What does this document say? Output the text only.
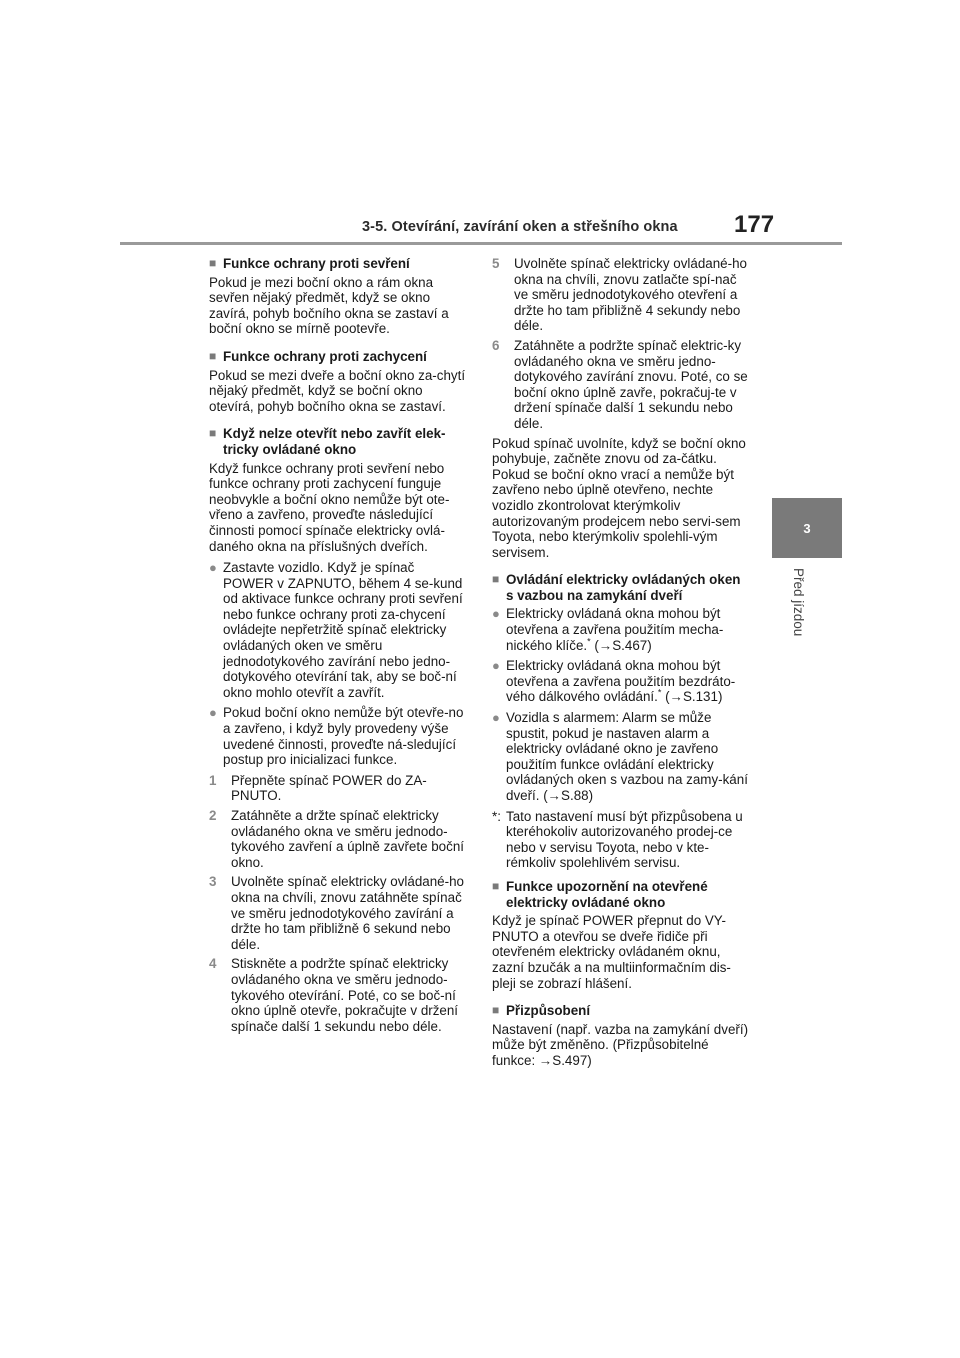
3-5. Otevírání, zavírání oken a střešního okna 177
3
Před jízdou
■ Funkce ochrany proti sevření
Pokud je mezi boční okno a rám okna sevřen nějaký předmět, když se okno zavírá, pohyb bočního okna se zastaví a boční okno se mírně pootevře.
■ Funkce ochrany proti zachycení
Pokud se mezi dveře a boční okno za-chytí nějaký předmět, když se boční okno otevírá, pohyb bočního okna se zastaví.
■ Když nelze otevřít nebo zavřít elek-tricky ovládané okno
Když funkce ochrany proti sevření nebo funkce ochrany proti zachycení funguje neobvykle a boční okno nemůže být ote-vřeno a zavřeno, proveďte následující činnosti pomocí spínače elektricky ovlá-daného okna na příslušných dveřích.
● Zastavte vozidlo. Když je spínač POWER v ZAPNUTO, během 4 se-kund od aktivace funkce ochrany proti sevření nebo funkce ochrany proti za-chycení ovládejte nepřetržitě spínač elektricky ovládaných oken ve směru jednodotykového zavírání nebo jedno-dotykového otevírání tak, aby se boč-ní okno mohlo otevřít a zavřít.
● Pokud boční okno nemůže být otevře-no a zavřeno, i když byly provedeny výše uvedené činnosti, proveďte ná-sledující postup pro inicializaci funkce.
1	Přepněte spínač POWER do ZA-PNUTO.
2	Zatáhněte a držte spínač elektricky ovládaného okna ve směru jednodo-tykového zavření a úplně zavřete boční okno.
3	Uvolněte spínač elektricky ovládané-ho okna na chvíli, znovu zatáhněte spínač ve směru jednodotykového zavírání a držte ho tam přibližně 6 sekund nebo déle.
4	Stiskněte a podržte spínač elektricky ovládaného okna ve směru jednodo-tykového otevírání. Poté, co se boč-ní okno úplně otevře, pokračujte v držení spínače další 1 sekundu nebo déle.
5	Uvolněte spínač elektricky ovládané-ho okna na chvíli, znovu zatlačte spí-nač ve směru jednodotykového otevření a držte ho tam přibližně 4 sekundy nebo déle.
6	Zatáhněte a podržte spínač elektric-ky ovládaného okna ve směru jedno-dotykového zavírání znovu. Poté, co se boční okno úplně zavře, pokračuj-te v držení spínače další 1 sekundu nebo déle.
Pokud spínač uvolníte, když se boční okno pohybuje, začněte znovu od za-čátku.
Pokud se boční okno vrací a nemůže být zavřeno nebo úplně otevřeno, nechte vozidlo zkontrolovat kterýmkoliv autorizovaným prodejcem nebo servi-sem Toyota, nebo kterýmkoliv spolehli-vým servisem.
■ Ovládání elektricky ovládaných oken s vazbou na zamykání dveří
● Elektricky ovládaná okna mohou být otevřena a zavřena použitím mecha-nického klíče.* (→S.467)
● Elektricky ovládaná okna mohou být otevřena a zavřena použitím bezdráto-vého dálkového ovládání.* (→S.131)
● Vozidla s alarmem: Alarm se může spustit, pokud je nastaven alarm a elektricky ovládané okno je zavřeno použitím funkce ovládání elektricky ovládaných oken s vazbou na zamy-kání dveří. (→S.88)
*: Tato nastavení musí být přizpůsobena u kteréhokoliv autorizovaného prodej-ce nebo v servisu Toyota, nebo v kte-rémkoliv spolehlivém servisu.
■ Funkce upozornění na otevřené elektricky ovládané okno
Když je spínač POWER přepnut do VY-PNUTO a otevřou se dveře řidiče při otevřeném elektricky ovládaném oknu, zazní bzučák a na multiinformačním dis-pleji se zobrazí hlášení.
■ Přizpůsobení
Nastavení (např. vazba na zamykání dveří) může být změněno. (Přizpůsobitelné funkce: →S.497)
